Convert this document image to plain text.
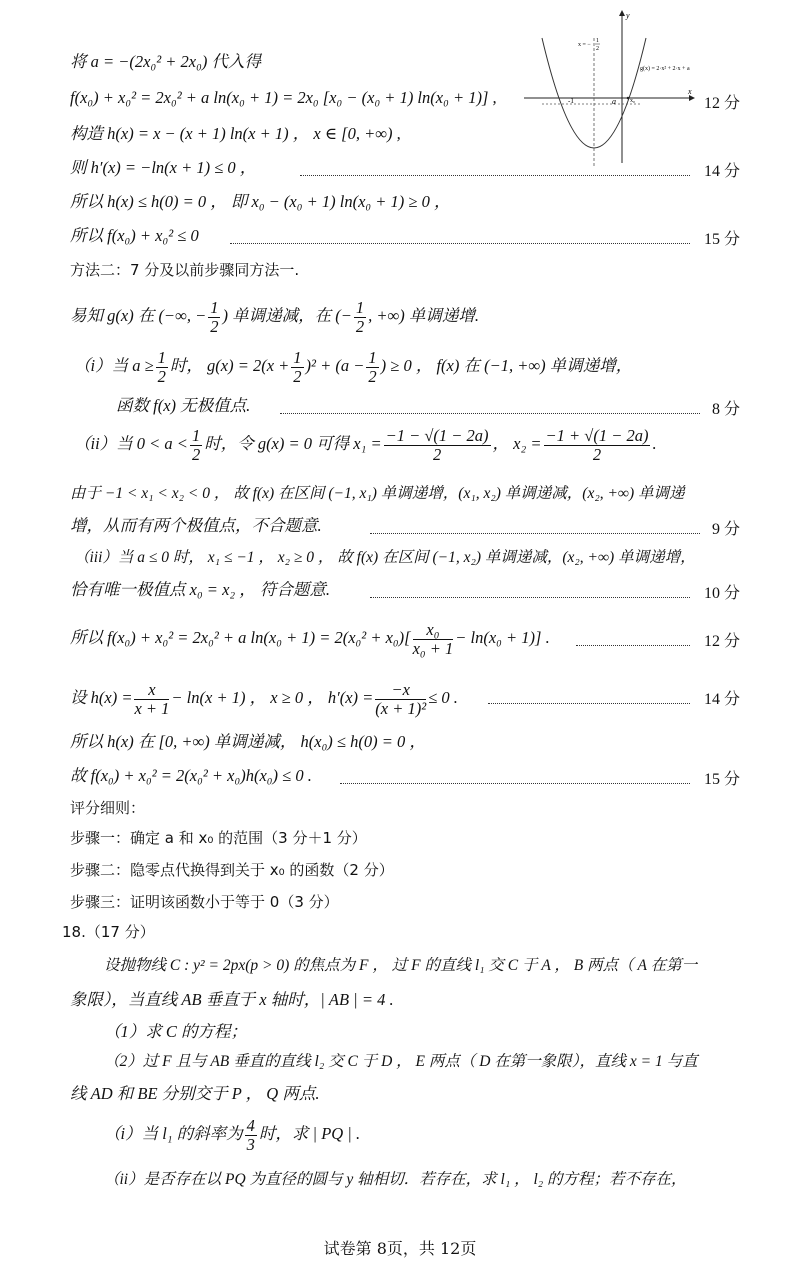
y
x
x = −
1
2
g(x) = 2·x² + 2·x + a
-1	a x₀
将 a = −(2x₀² + 2x₀) 代入得
f(x₀) + x₀² = 2x₀² + a ln(x₀ + 1) = 2x₀ [x₀ − (x₀ + 1) ln(x₀ + 1)] ,	12 分
构造 h(x) = x − (x + 1) ln(x + 1) ， x ∈ [0, +∞) ,
则 h′(x) = −ln(x + 1) ≤ 0 ，	14 分
所以 h(x) ≤ h(0) = 0 ， 即 x₀ − (x₀ + 1) ln(x₀ + 1) ≥ 0 ，
所以 f(x₀) + x₀² ≤ 0	15 分
方法二：7 分及以前步骤同方法一.
易知 g(x) 在 (−∞, − $\frac{1}{2}$ ) 单调递减，在 (− $\frac{1}{2}$ , +∞) 单调递增.
（i）当 $a \ge \frac{1}{2}$ 时， $g(x) = 2(x + \frac{1}{2} )^2 + (a - \frac{1}{2}$ ) ≥ 0 ， f(x) 在 (−1, +∞) 单调递增，
函数 f(x) 无极值点.	8 分
（ii）当 $0 < a < \frac{1}{2}$ 时，令 g(x) = 0 可得 $x_1 = \frac{-1 - √(1 - 2a)}{2}$ ， $x_2 = \frac{-1 + √(1 - 2a)}{2}$ .
由于 −1 < x₁ < x₂ < 0 ， 故 f(x) 在区间 (−1, x₁) 单调递增，(x₁, x₂) 单调递减，(x₂, +∞) 单调递
增，从而有两个极值点，不合题意.	9 分
（iii）当 a ≤ 0 时， x₁ ≤ −1 ， x₂ ≥ 0 ， 故 f(x) 在区间 (−1, x₂) 单调递减，(x₂, +∞) 单调递增，
恰有唯一极值点 x₀ = x₂ ， 符合题意.	10 分
所以 f(x₀) + x₀² = 2x₀² + a $\ln(x_0 + 1) = 2(x_0^2 + x_0)[ \frac{\text{x₀}}{\text{x₀ + 1}} - \ln(x_0 + 1)]$ .	12 分
设 $h(x) = \frac{x}{x + 1} - \ln(x + 1)$ ， x ≥ 0 ， $h'(x) = \frac{-x}{\text{(x + 1)²}} \le 0$ .	14 分
所以 h(x) 在 [0, +∞) 单调递减， h(x₀) ≤ h(0) = 0 ，
故 f(x₀) + x₀² = 2(x₀² + x₀)h(x₀) ≤ 0 .	15 分
评分细则：
步骤一：确定 a 和 x₀ 的范围（3 分＋1 分）
步骤二：隐零点代换得到关于 x₀ 的函数（2 分）
步骤三：证明该函数小于等于 0（3 分）
18.（17 分）
设抛物线 C : y² = 2px(p > 0) 的焦点为 F ， 过 F 的直线 l₁ 交 C 于 A ， B 两点（ A 在第一
象限），当直线 AB 垂直于 x 轴时，| AB | = 4 .
（1）求 C 的方程；
（2）过 F 且与 AB 垂直的直线 l₂ 交 C 于 D ， E 两点（ D 在第一象限），直线 x = 1 与直
线 AD 和 BE 分别交于 P ， Q 两点.
（i）当 l₁ 的斜率为 $\frac{4}{3}$ 时，求 | PQ | .
（ii）是否存在以 PQ 为直径的圆与 y 轴相切．若存在，求 l₁ ， l₂ 的方程；若不存在，
试卷第 8页，共 12页
